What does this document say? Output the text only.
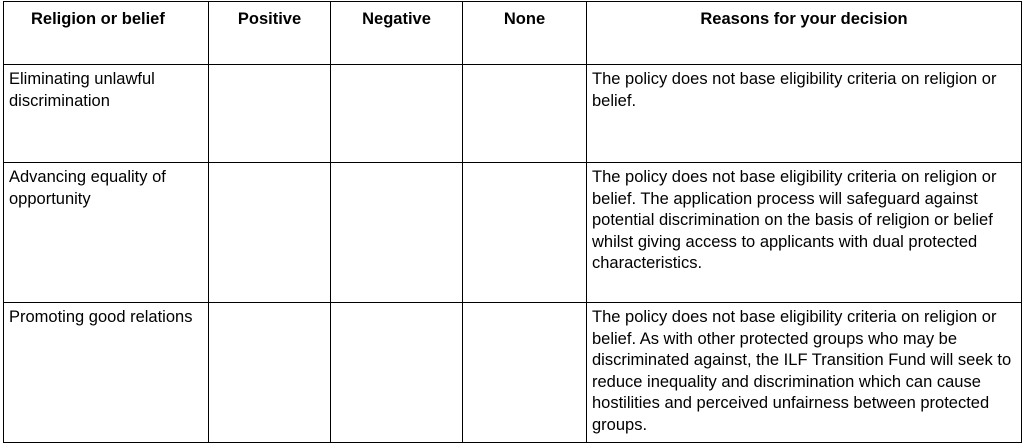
Religion or belief	Positive	Negative	None	Reasons for your decision
Eliminating unlawful discrimination				The policy does not base eligibility criteria on religion or belief.
Advancing equality of opportunity				The policy does not base eligibility criteria on religion or belief. The application process will safeguard against potential discrimination on the basis of religion or belief whilst giving access to applicants with dual protected characteristics.
Promoting good relations				The policy does not base eligibility criteria on religion or belief. As with other protected groups who may be discriminated against, the ILF Transition Fund will seek to reduce inequality and discrimination which can cause hostilities and perceived unfairness between protected groups.
